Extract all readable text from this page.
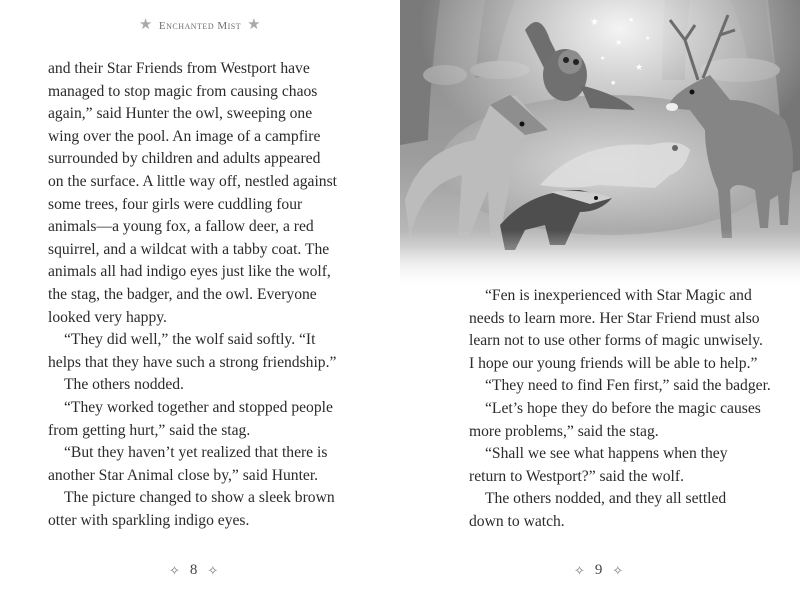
★ Enchanted Mist ★

and their Star Friends from Westport have

managed to stop magic from causing chaos

again,” said Hunter the owl, sweeping one

wing over the pool. An image of a campfire

surrounded by children and adults appeared

on the surface. A little way off, nestled against

some trees, four girls were cuddling four

animals—a young fox, a fallow deer, a red

squirrel, and a wildcat with a tabby coat. The

animals all had indigo eyes just like the wolf,

the stag, the badger, and the owl. Everyone

looked very happy.

“They did well,” the wolf said softly. “It

helps that they have such a strong friendship.”

The others nodded.

“They worked together and stopped people

from getting hurt,” said the stag.

“But they haven’t yet realized that there is

another Star Animal close by,” said Hunter.

The picture changed to show a sleek brown

otter with sparkling indigo eyes.

✧ 8 ✧
★
★
★
★
★
★
★

“Fen is inexperienced with Star Magic and

needs to learn more. Her Star Friend must also

learn not to use other forms of magic unwisely.

I hope our young friends will be able to help.”

“They need to find Fen first,” said the badger.

“Let’s hope they do before the magic causes

more problems,” said the stag.

“Shall we see what happens when they

return to Westport?” said the wolf.

The others nodded, and they all settled

down to watch.

✧ 9 ✧
